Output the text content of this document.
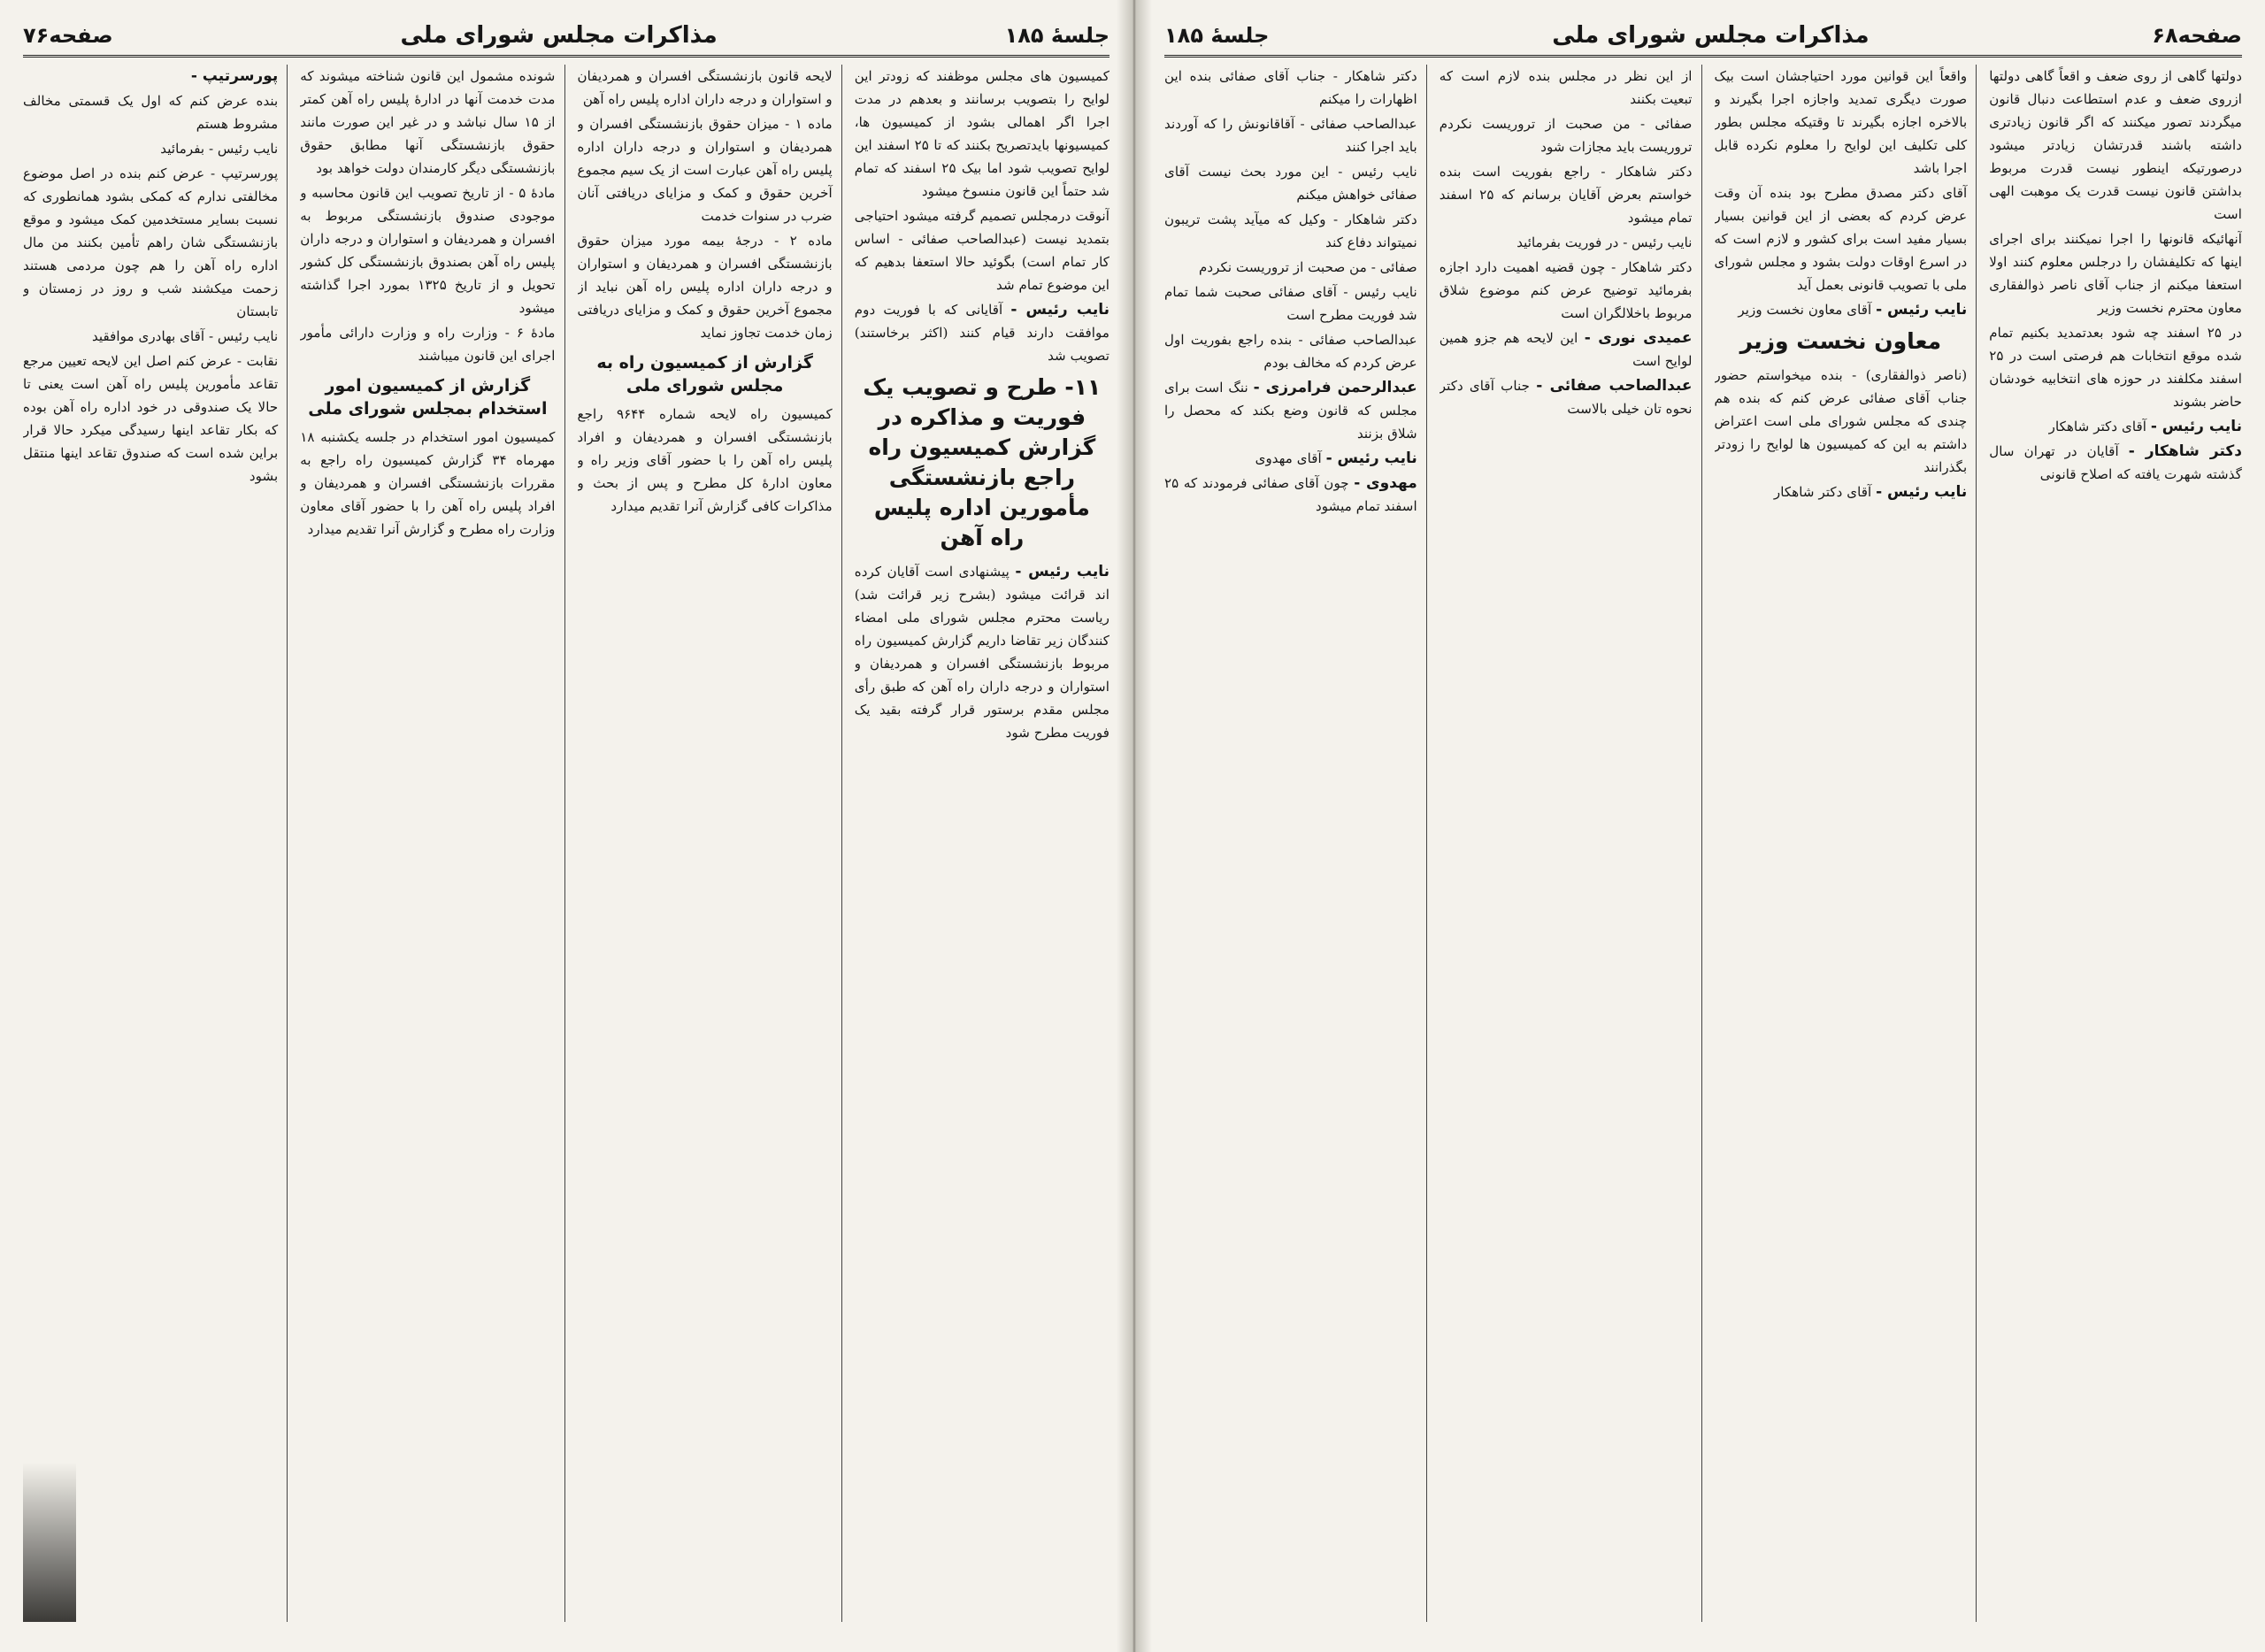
جلسهٔ ۱۸۵
مذاکرات مجلس شورای ملی
صفحه۷۶

کمیسیون های مجلس موظفند که زودتر این لوایح را بتصویب برسانند و بعدهم در مدت اجرا اگر اهمالی بشود از کمیسیون ها، کمیسیونها بایدتصریح بکنند که تا ۲۵ اسفند این لوایح تصویب شود اما بیک ۲۵ اسفند که تمام شد حتماً این قانون منسوخ میشود

آنوقت درمجلس تصمیم گرفته میشود احتیاجی بتمدید نیست (عبدالصاحب صفائی - اساس کار تمام است) بگوئید حالا استعفا بدهیم که این موضوع تمام شد

نایب رئیس - آقایانی که با فوریت دوم موافقت دارند قیام کنند (اکثر برخاستند) تصویب شد

۱۱- طرح و تصویب یک فوریت و مذاکره در گزارش کمیسیون راه راجع بازنشستگی مأمورین اداره پلیس راه آهن

نایب رئیس - پیشنهادی است آقایان کرده اند قرائت میشود (بشرح زیر قرائت شد) ریاست محترم مجلس شورای ملی امضاء کنندگان زیر تقاضا داریم گزارش کمیسیون راه مربوط بازنشستگی افسران و همردیفان و استواران و درجه داران راه آهن که طبق رأی مجلس مقدم برستور قرار گرفته بقید یک فوریت مطرح شود

لایحه قانون بازنشستگی افسران و همردیفان و استواران و درجه داران اداره پلیس راه آهن

ماده ۱ - میزان حقوق بازنشستگی افسران و همردیفان و استواران و درجه داران اداره پلیس راه آهن عبارت است از یک سیم مجموع آخرین حقوق و کمک و مزایای دریافتی آنان ضرب در سنوات خدمت

ماده ۲ - درجهٔ بیمه مورد میزان حقوق بازنشستگی افسران و همردیفان و استواران و درجه داران اداره پلیس راه آهن نباید از مجموع آخرین حقوق و کمک و مزایای دریافتی زمان خدمت تجاوز نماید

گزارش از کمیسیون راه به مجلس شورای ملی

کمیسیون راه لایحه شماره ۹۶۴۴ راجع بازنشستگی افسران و همردیفان و افراد پلیس راه آهن را با حضور آقای وزیر راه و معاون ادارهٔ کل مطرح و پس از بحث و مذاکرات کافی گزارش آنرا تقدیم میدارد

شونده مشمول این قانون شناخته میشوند که مدت خدمت آنها در ادارهٔ پلیس راه آهن کمتر از ۱۵ سال نباشد و در غیر این صورت مانند حقوق بازنشستگی آنها مطابق حقوق بازنشستگی دیگر کارمندان دولت خواهد بود

مادهٔ ۵ - از تاریخ تصویب این قانون محاسبه و موجودی صندوق بازنشستگی مربوط به افسران و همردیفان و استواران و درجه داران پلیس راه آهن بصندوق بازنشستگی کل کشور تحویل و از تاریخ ۱۳۲۵ بمورد اجرا گذاشته میشود

مادهٔ ۶ - وزارت راه و وزارت دارائی مأمور اجرای این قانون میباشند

گزارش از کمیسیون امور استخدام بمجلس شورای ملی

کمیسیون امور استخدام در جلسه یکشنبه ۱۸ مهرماه ۳۴ گزارش کمیسیون راه راجع به مقررات بازنشستگی افسران و همردیفان و افراد پلیس راه آهن را با حضور آقای معاون وزارت راه مطرح و گزارش آنرا تقدیم میدارد

پورسرتیپ -

بنده عرض کنم که اول یک قسمتی مخالف مشروط هستم

نایب رئیس - بفرمائید

پورسرتیپ - عرض کنم بنده در اصل موضوع مخالفتی ندارم که کمکی بشود همانطوری که نسبت بسایر مستخدمین کمک میشود و موقع بازنشستگی شان راهم تأمین بکنند من مال اداره راه آهن را هم چون مردمی هستند زحمت میکشند شب و روز در زمستان و تابستان

نایب رئیس - آقای بهادری موافقید

نقابت - عرض کنم اصل این لایحه تعیین مرجع تقاعد مأمورین پلیس راه آهن است یعنی تا حالا یک صندوقی در خود اداره راه آهن بوده که بکار تقاعد اینها رسیدگی میکرد حالا قرار براین شده است که صندوق تقاعد اینها منتقل بشود

صفحه۶۸
مذاکرات مجلس شورای ملی
جلسهٔ ۱۸۵

دولتها گاهی از روی ضعف و اقعاً گاهی دولتها ازروی ضعف و عدم استطاعت دنبال قانون میگردند تصور میکنند که اگر قانون زیادتری داشته باشند قدرتشان زیادتر میشود درصورتیکه اینطور نیست قدرت مربوط بداشتن قانون نیست قدرت یک موهبت الهی است

آنهائیکه قانونها را اجرا نمیکنند برای اجرای اینها که تکلیفشان را درجلس معلوم کنند اولا استعفا میکنم از جناب آقای ناصر ذوالفقاری معاون محترم نخست وزیر

در ۲۵ اسفند چه شود بعدتمدید بکنیم تمام شده موقع انتخابات هم فرصتی است در ۲۵ اسفند مکلفند در حوزه های انتخابیه خودشان حاضر بشوند

نایب رئیس - آقای دکتر شاهکار

دکتر شاهکار - آقایان در تهران سال گذشته شهرت یافته که اصلاح قانونی

واقعاً این قوانین مورد احتیاجشان است بیک صورت دیگری تمدید واجازه اجرا بگیرند و بالاخره اجازه بگیرند تا وقتیکه مجلس بطور کلی تکلیف این لوایح را معلوم نکرده قابل اجرا باشد

آقای دکتر مصدق مطرح بود بنده آن وقت عرض کردم که بعضی از این قوانین بسیار بسیار مفید است برای کشور و لازم است که در اسرع اوقات دولت بشود و مجلس شورای ملی با تصویب قانونی بعمل آید

نایب رئیس - آقای معاون نخست وزیر

معاون نخست وزیر

(ناصر ذوالفقاری) - بنده میخواستم حضور جناب آقای صفائی عرض کنم که بنده هم چندی که مجلس شورای ملی است اعتراض داشتم به این که کمیسیون ها لوایح را زودتر بگذرانند

نایب رئیس - آقای دکتر شاهکار

از این نظر در مجلس بنده لازم است که تبعیت بکنند

صفائی - من صحبت از تروریست نکردم تروریست باید مجازات شود

دکتر شاهکار - راجع بفوریت است بنده خواستم بعرض آقایان برسانم که ۲۵ اسفند تمام میشود

نایب رئیس - در فوریت بفرمائید

دکتر شاهکار - چون قضیه اهمیت دارد اجازه بفرمائید توضیح عرض کنم موضوع شلاق مربوط باخلالگران است

عمیدی نوری - این لایحه هم جزو همین لوایح است

عبدالصاحب صفائی - جناب آقای دکتر نحوه تان خیلی بالاست

دکتر شاهکار - جناب آقای صفائی بنده این اظهارات را میکنم

عبدالصاحب صفائی - آقاقانونش را که آوردند باید اجرا کنند

نایب رئیس - این مورد بحث نیست آقای صفائی خواهش میکنم

دکتر شاهکار - وکیل که میآید پشت تریبون نمیتواند دفاع کند

صفائی - من صحبت از تروریست نکردم

نایب رئیس - آقای صفائی صحبت شما تمام شد فوریت مطرح است

عبدالصاحب صفائی - بنده راجع بفوریت اول عرض کردم که مخالف بودم

عبدالرحمن فرامرزی - ننگ است برای مجلس که قانون وضع بکند که محصل را شلاق بزنند

نایب رئیس - آقای مهدوی

مهدوی - چون آقای صفائی فرمودند که ۲۵ اسفند تمام میشود
